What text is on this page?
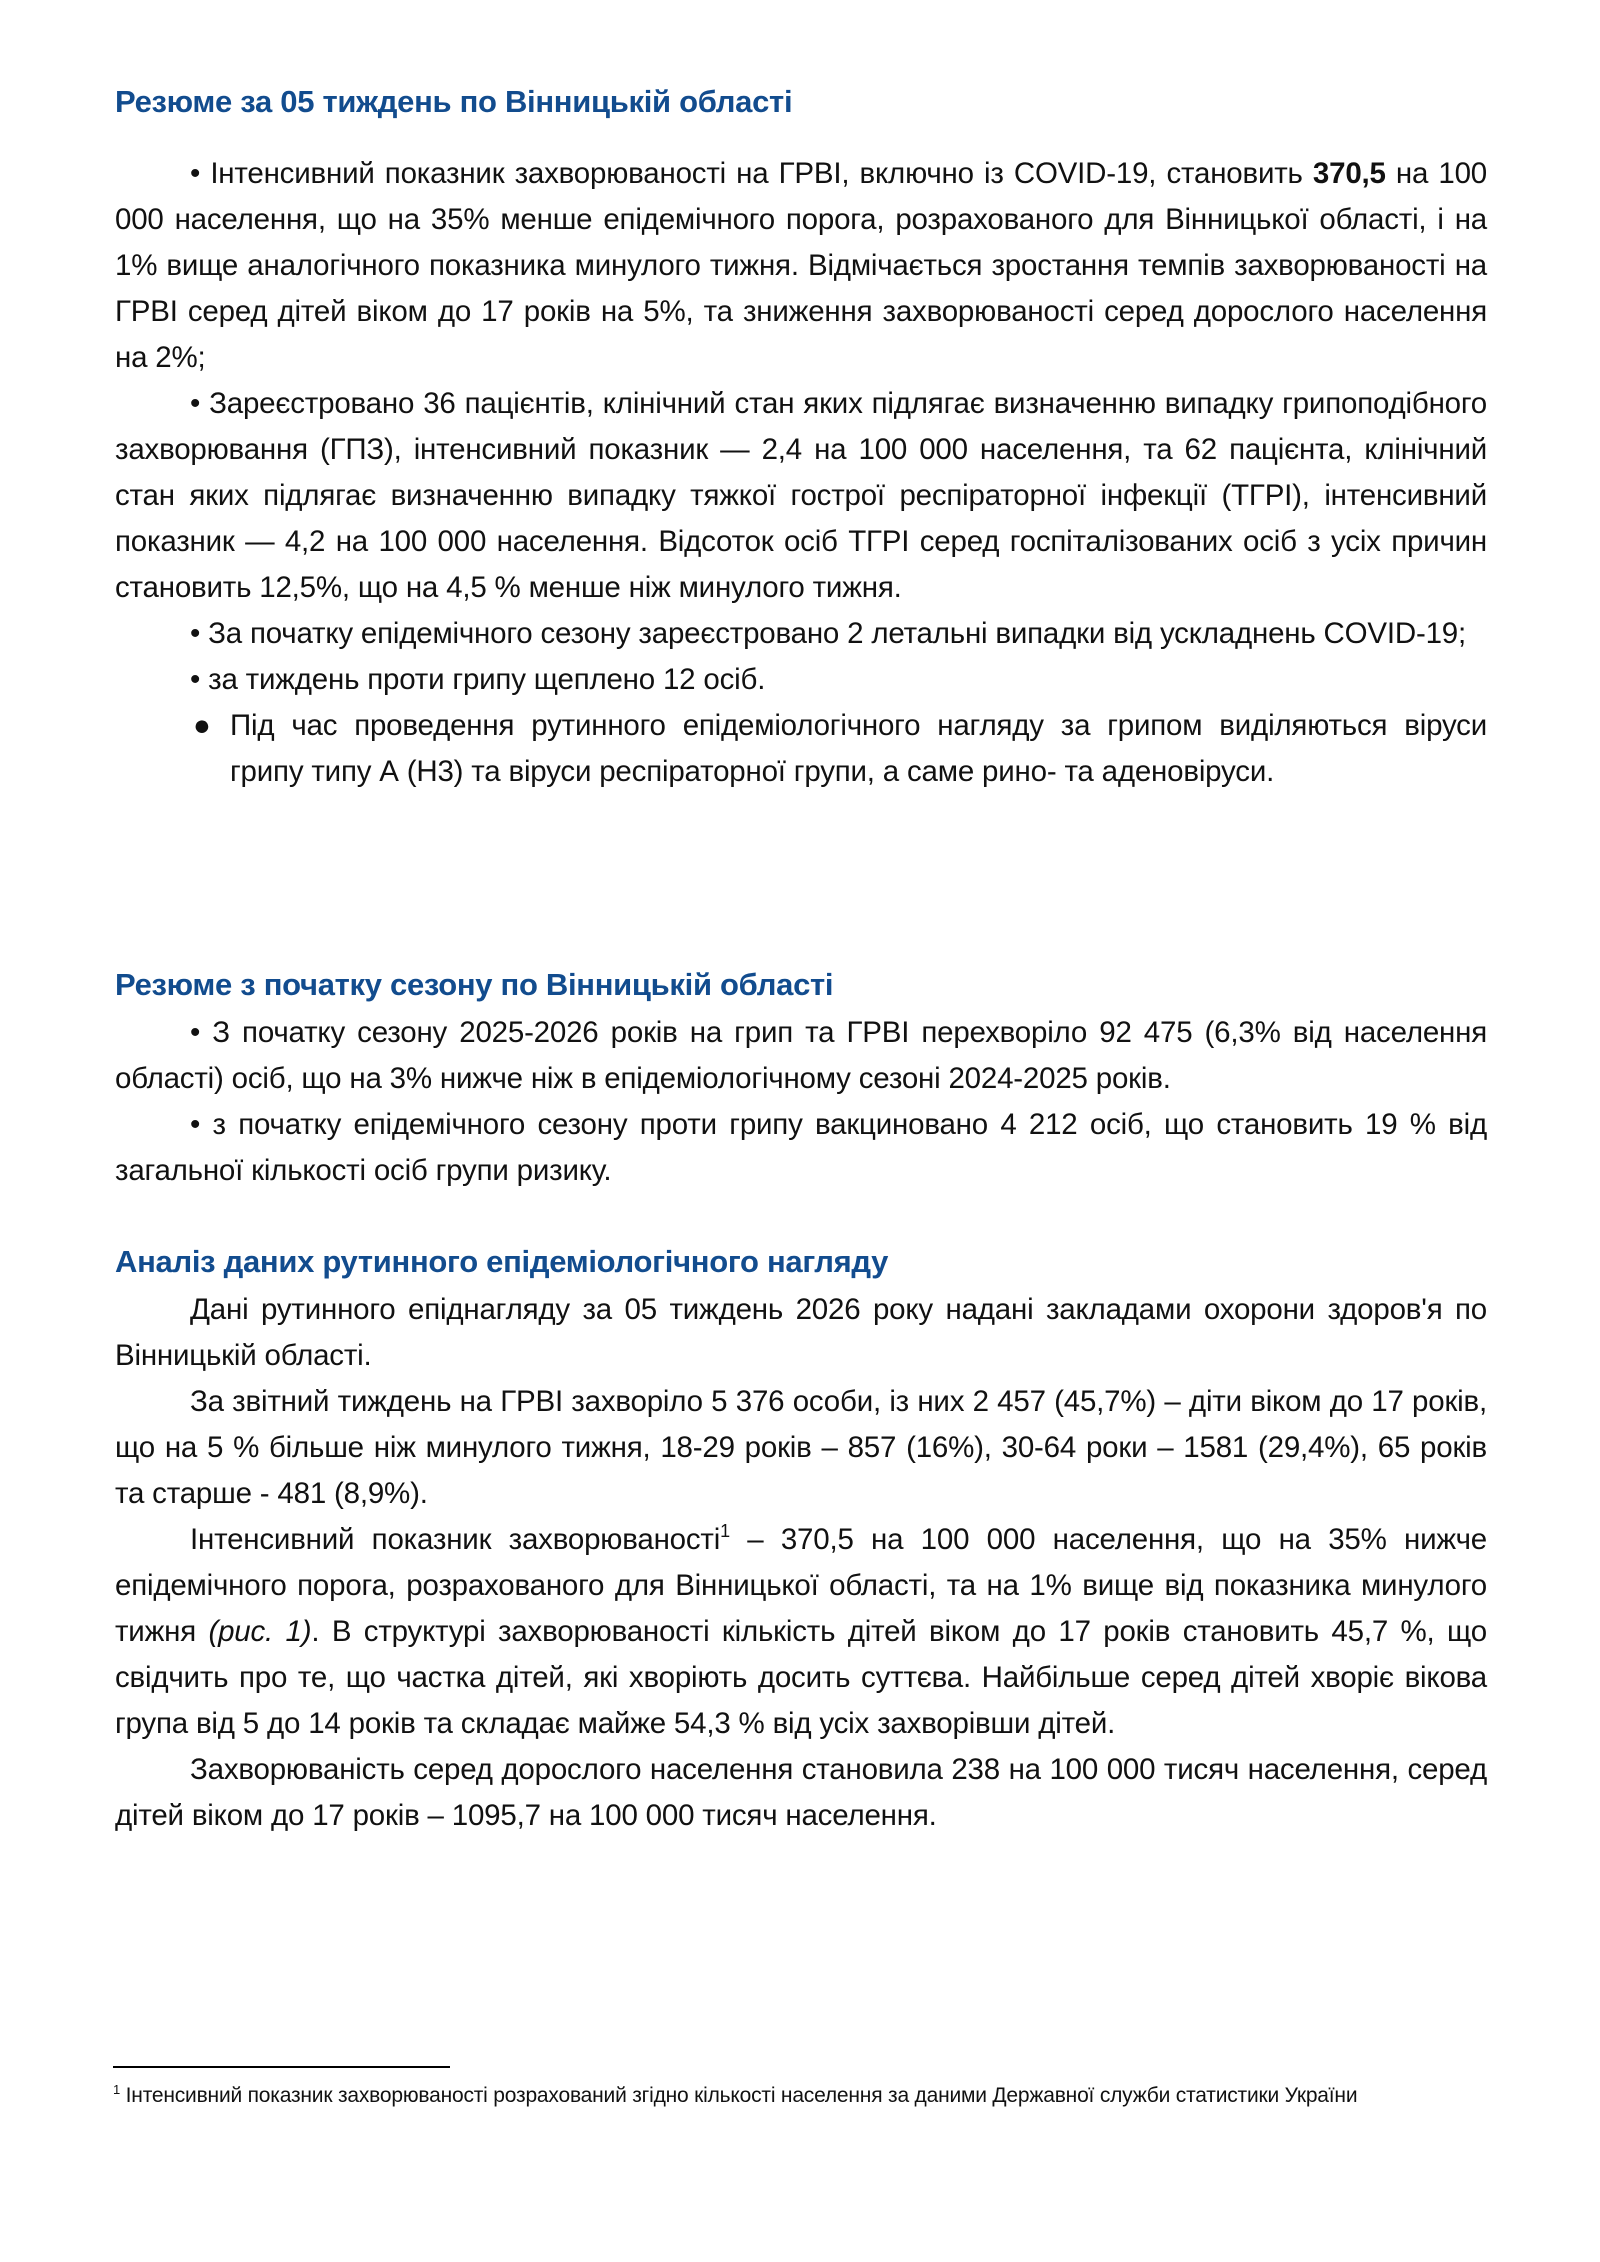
Резюме за 05 тиждень по Вінницькій області

• Інтенсивний показник захворюваності на ГРВІ, включно із COVID-19, становить 370,5 на 100 000 населення, що на 35% менше епідемічного порога, розрахованого для Вінницької області, і на 1% вище аналогічного показника минулого тижня. Відмічається зростання темпів захворюваності на ГРВІ серед дітей віком до 17 років на 5%, та зниження захворюваності серед дорослого населення на 2%;

• Зареєстровано 36 пацієнтів, клінічний стан яких підлягає визначенню випадку грипоподібного захворювання (ГПЗ), інтенсивний показник — 2,4 на 100 000 населення, та 62 пацієнта, клінічний стан яких підлягає визначенню випадку тяжкої гострої респіраторної інфекції (ТГРІ), інтенсивний показник — 4,2 на 100 000 населення. Відсоток осіб ТГРІ серед госпіталізованих осіб з усіх причин становить 12,5%, що на 4,5 % менше ніж минулого тижня.

• За початку епідемічного сезону зареєстровано 2 летальні випадки від ускладнень COVID-19;

• за тиждень проти грипу щеплено 12 осіб.

● Під час проведення рутинного епідеміологічного нагляду за грипом виділяються віруси грипу типу А (Н3) та віруси респіраторної групи, а саме рино- та аденовіруси.

Резюме з початку сезону по Вінницькій області

• З початку сезону 2025-2026 років на грип та ГРВІ перехворіло 92 475 (6,3% від населення області) осіб, що на 3% нижче ніж в епідеміологічному сезоні 2024-2025 років.

• з початку епідемічного сезону проти грипу вакциновано 4 212 осіб, що становить 19 % від загальної кількості осіб групи ризику.

Аналіз даних рутинного епідеміологічного нагляду

Дані рутинного епіднагляду за 05 тиждень 2026 року надані закладами охорони здоров'я по Вінницькій області.

За звітний тиждень на ГРВІ захворіло 5 376 особи, із них 2 457 (45,7%) – діти віком до 17 років, що на 5 % більше ніж минулого тижня, 18-29 років – 857 (16%), 30-64 роки – 1581 (29,4%), 65 років та старше - 481 (8,9%).

Інтенсивний показник захворюваності$^1$ – 370,5 на 100 000 населення, що на 35% нижче епідемічного порога, розрахованого для Вінницької області, та на 1% вище від показника минулого тижня (рис. 1). В структурі захворюваності кількість дітей віком до 17 років становить 45,7 %, що свідчить про те, що частка дітей, які хворіють досить суттєва. Найбільше серед дітей хворіє вікова група від 5 до 14 років та складає майже 54,3 % від усіх захворівши дітей.

Захворюваність серед дорослого населення становила 238 на 100 000 тисяч населення, серед дітей віком до 17 років – 1095,7 на 100 000 тисяч населення.

$^1$ Інтенсивний показник захворюваності розрахований згідно кількості населення за даними Державної служби статистики України
